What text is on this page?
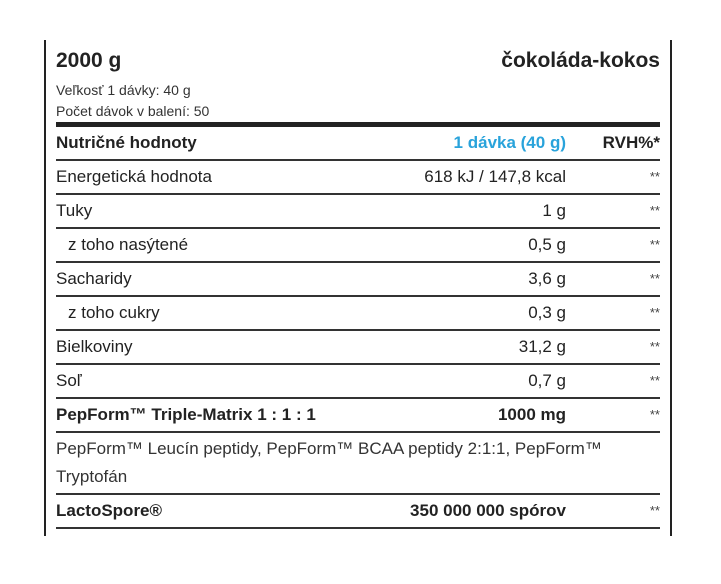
2000 g	čokoláda-kokos
Veľkosť 1 dávky: 40 g
Počet dávok v balení: 50
Nutričné hodnoty	1 dávka (40 g) RVH%*
Energetická hodnota	618 kJ / 147,8 kcal	**
Tuky	1 g	**
z toho nasýtené	0,5 g	**
Sacharidy	3,6 g	**
z toho cukry	0,3 g	**
Bielkoviny	31,2 g	**
Soľ	0,7 g	**
PepForm™ Triple-Matrix 1 : 1 : 1	1000 mg	**
PepForm™ Leucín peptidy, PepForm™ BCAA peptidy 2:1:1, PepForm™
Tryptofán
LactoSpore®	350 000 000 spórov	**
